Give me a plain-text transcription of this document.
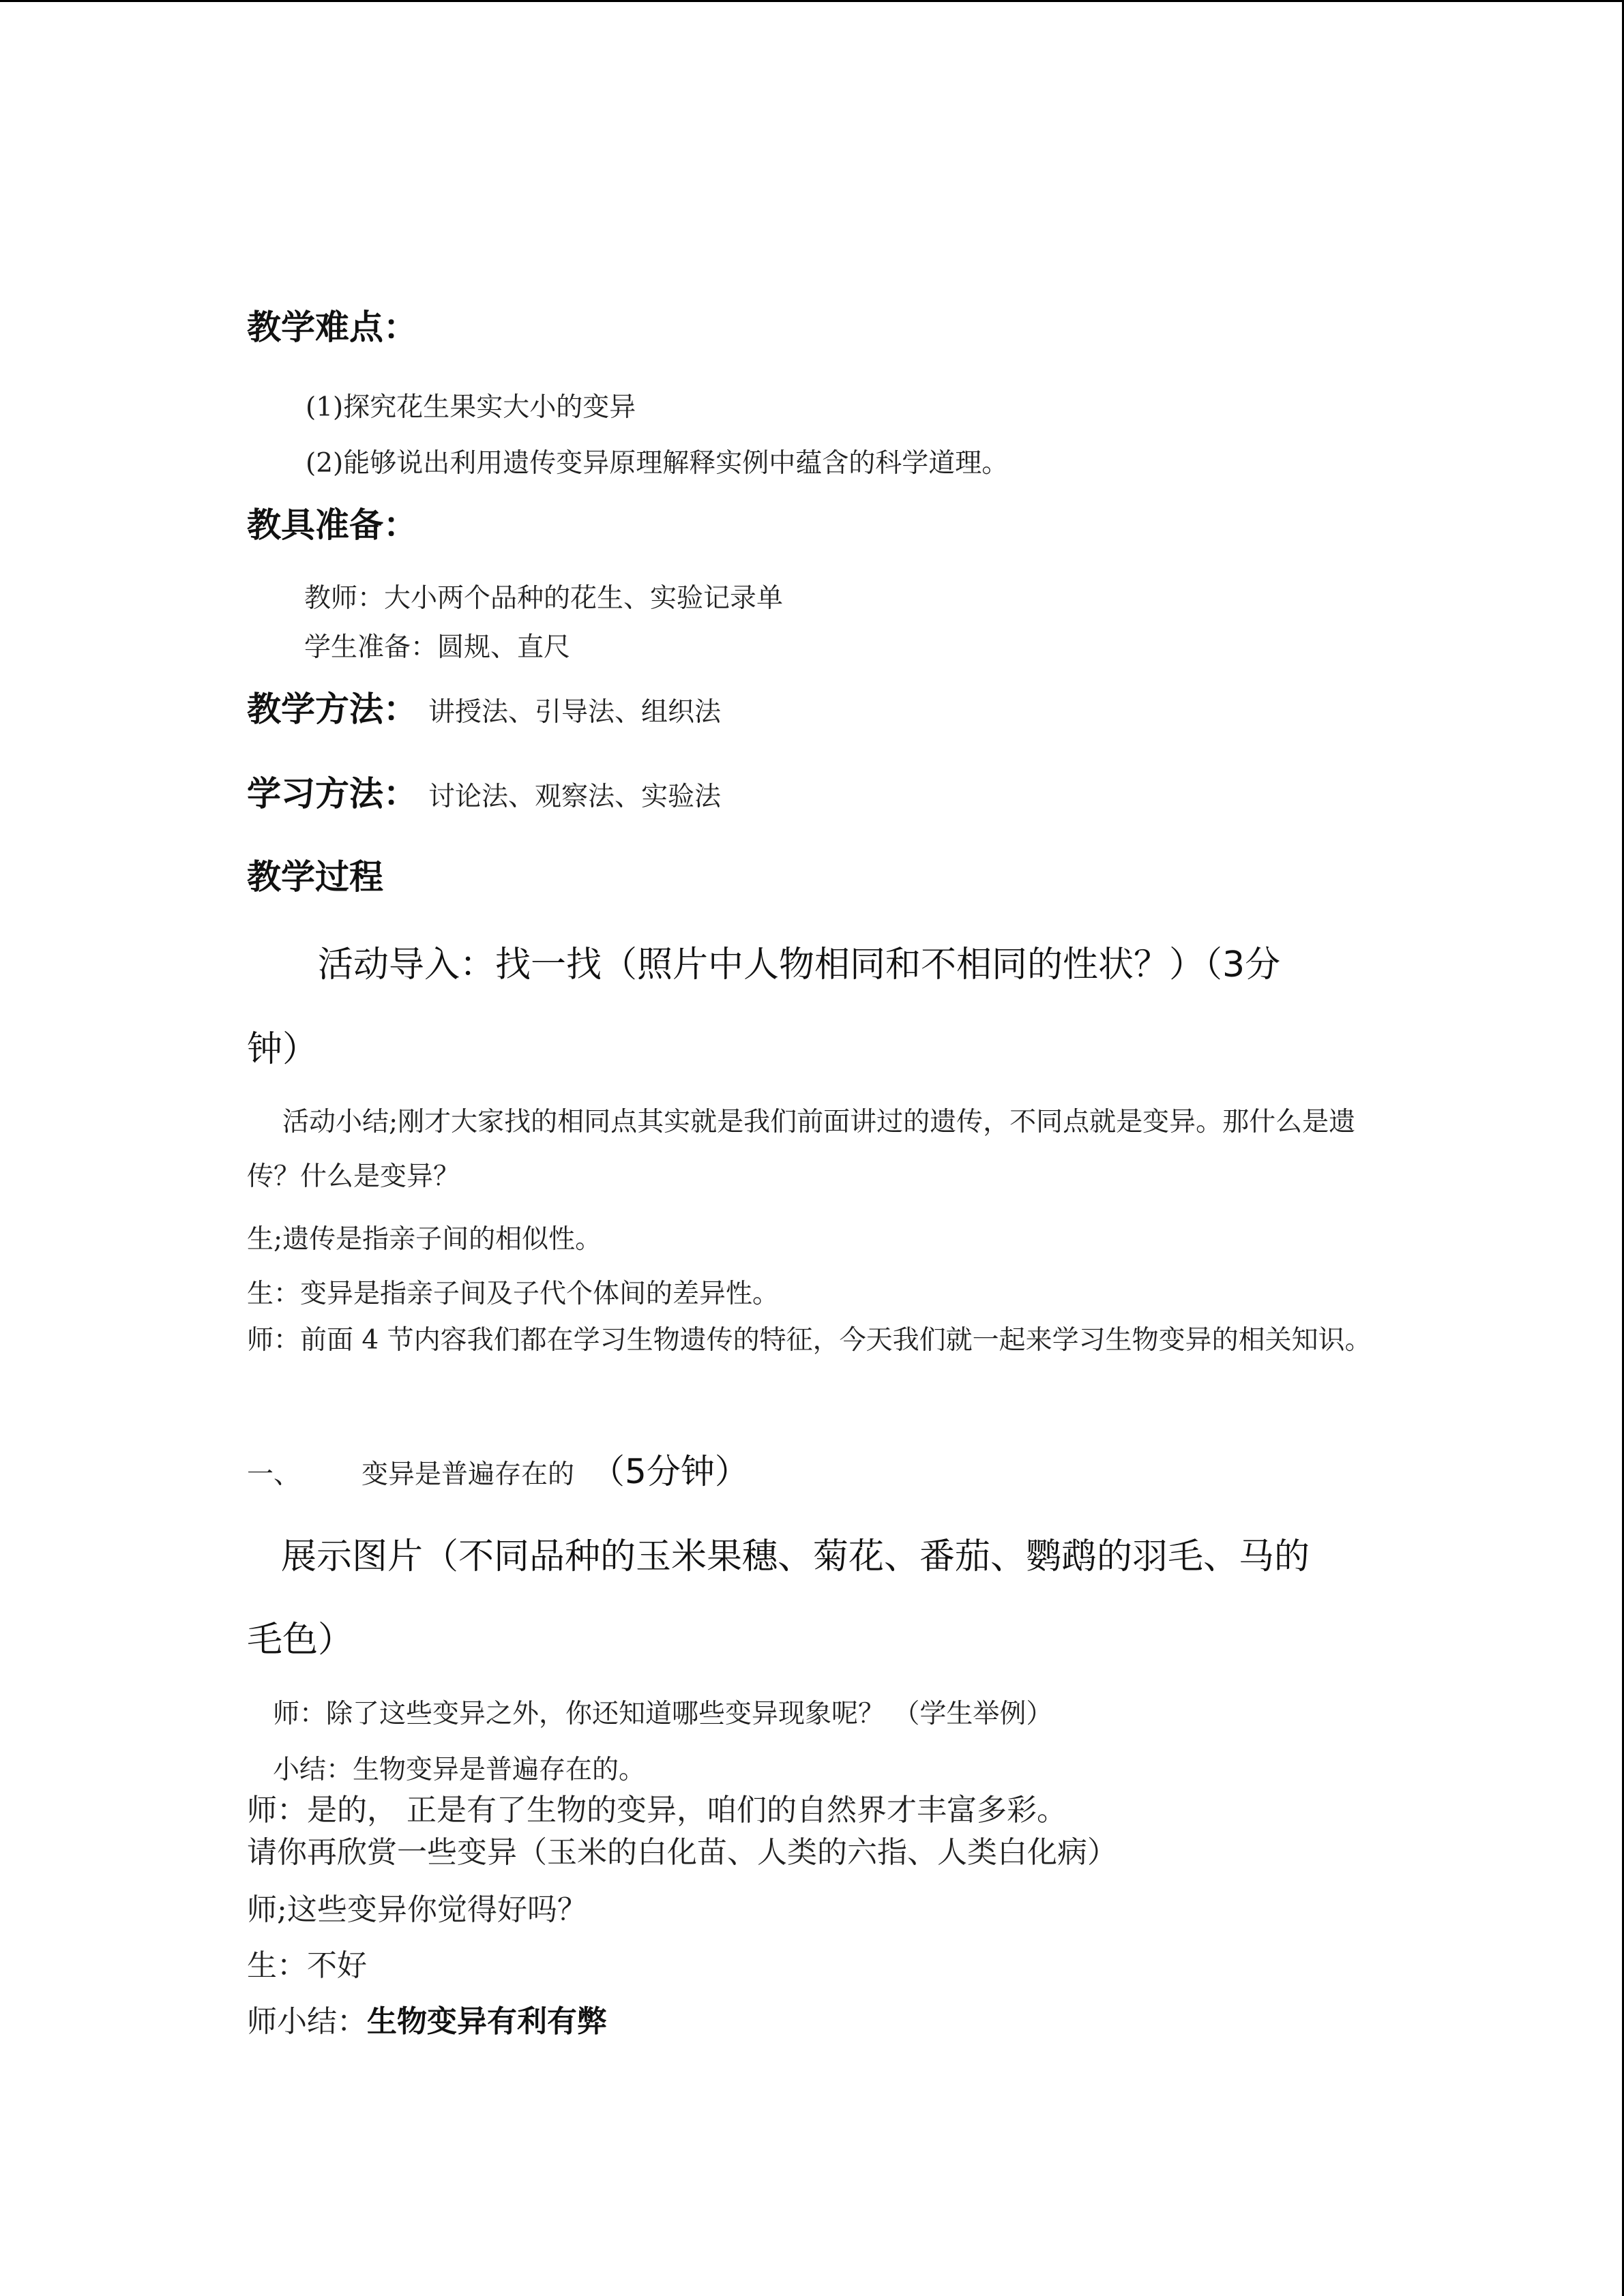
教学难点：
(1)探究花生果实大小的变异
(2)能够说出利用遗传变异原理解释实例中蕴含的科学道理。
教具准备：
教师：大小两个品种的花生、实验记录单
学生准备：圆规、直尺
教学方法： 讲授法、引导法、组织法
学习方法： 讨论法、观察法、实验法
教学过程
活动导入：找一找（照片中人物相同和不相同的性状？）（3分
钟）
活动小结;刚才大家找的相同点其实就是我们前面讲过的遗传，不同点就是变异。那什么是遗传？什么是变异？
生;遗传是指亲子间的相似性。
生：变异是指亲子间及子代个体间的差异性。
师：前面 4 节内容我们都在学习生物遗传的特征，今天我们就一起来学习生物变异的相关知识。
一、 变异是普遍存在的 （5分钟）
展示图片（不同品种的玉米果穗、菊花、番茄、鹦鹉的羽毛、马的
毛色）
师：除了这些变异之外，你还知道哪些变异现象呢？ （学生举例）
小结：生物变异是普遍存在的。
师：是的， 正是有了生物的变异，咱们的自然界才丰富多彩。
请你再欣赏一些变异（玉米的白化苗、人类的六指、人类白化病）
师;这些变异你觉得好吗？
生：不好
师小结：生物变异有利有弊
